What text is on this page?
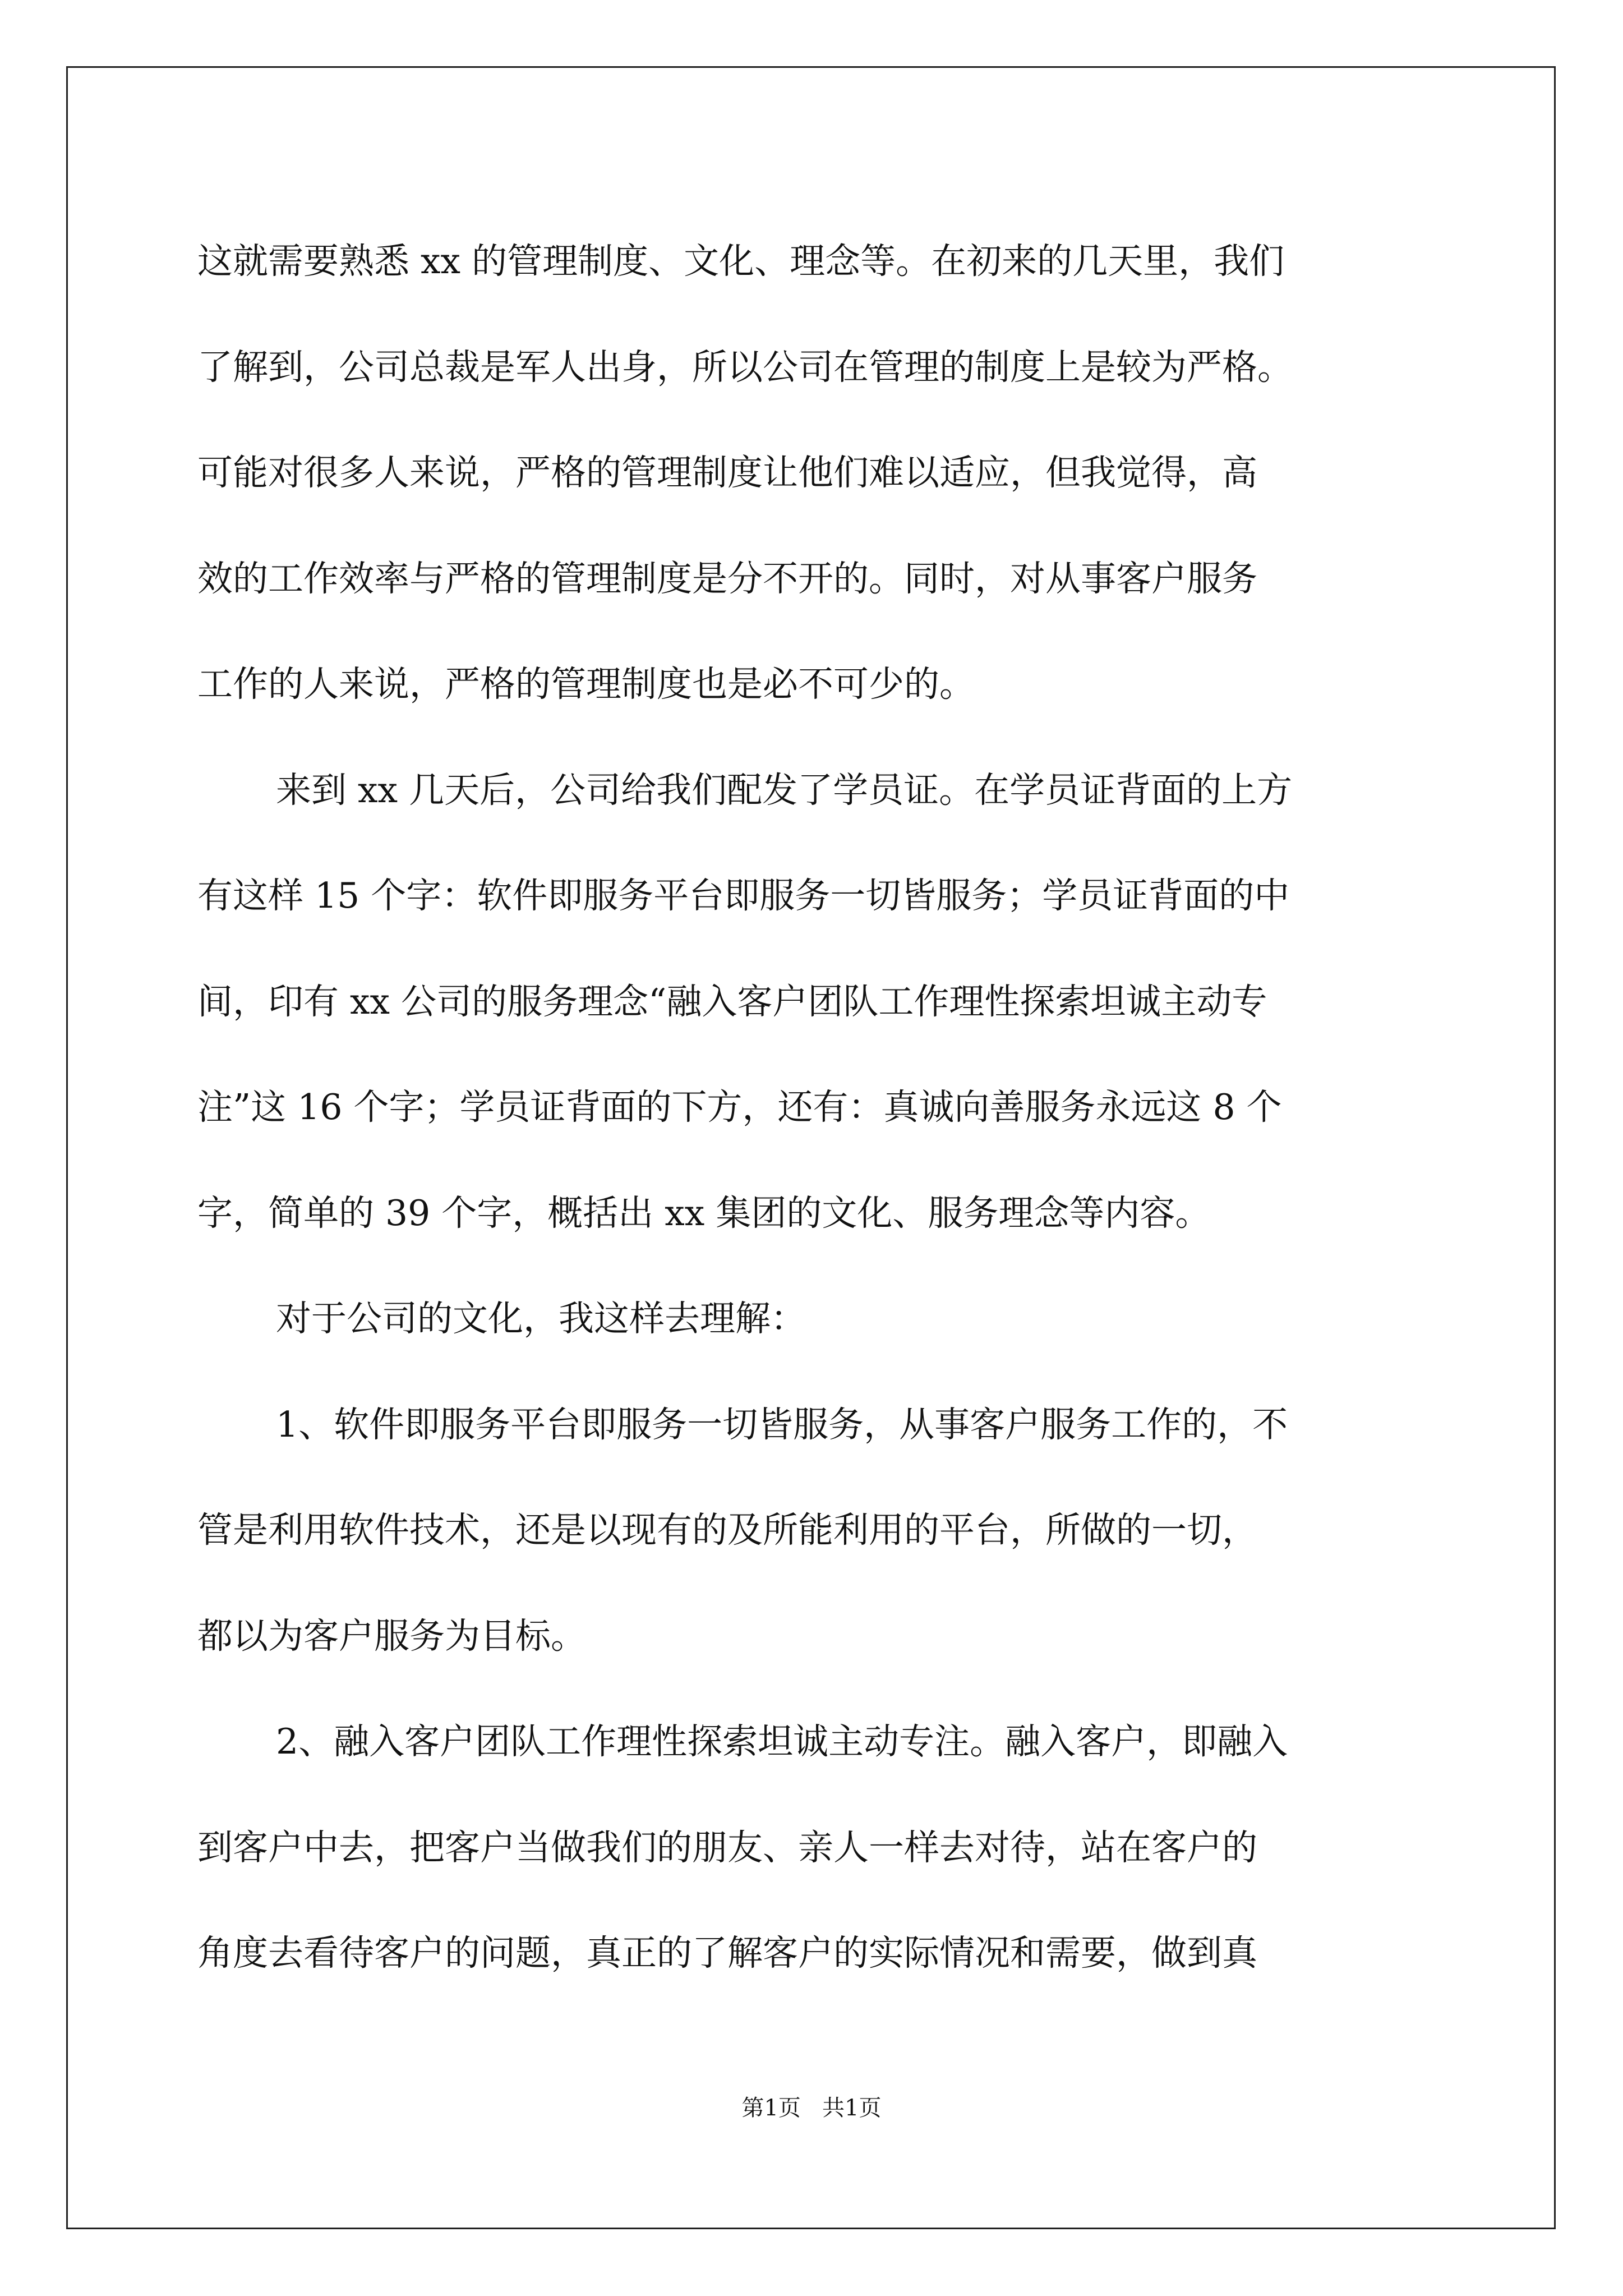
这就需要熟悉 xx 的管理制度、文化、理念等。在初来的几天里，我们
了解到，公司总裁是军人出身，所以公司在管理的制度上是较为严格。
可能对很多人来说，严格的管理制度让他们难以适应，但我觉得，高
效的工作效率与严格的管理制度是分不开的。同时，对从事客户服务
工作的人来说，严格的管理制度也是必不可少的。
来到 xx 几天后，公司给我们配发了学员证。在学员证背面的上方
有这样 15 个字：软件即服务平台即服务一切皆服务；学员证背面的中
间，印有 xx 公司的服务理念“融入客户团队工作理性探索坦诚主动专
注”这 16 个字；学员证背面的下方，还有：真诚向善服务永远这 8 个
字，简单的 39 个字，概括出 xx 集团的文化、服务理念等内容。
对于公司的文化，我这样去理解：
1、软件即服务平台即服务一切皆服务，从事客户服务工作的，不
管是利用软件技术，还是以现有的及所能利用的平台，所做的一切，
都以为客户服务为目标。
2、融入客户团队工作理性探索坦诚主动专注。融入客户，即融入
到客户中去，把客户当做我们的朋友、亲人一样去对待，站在客户的
角度去看待客户的问题，真正的了解客户的实际情况和需要，做到真
第1页   共1页
